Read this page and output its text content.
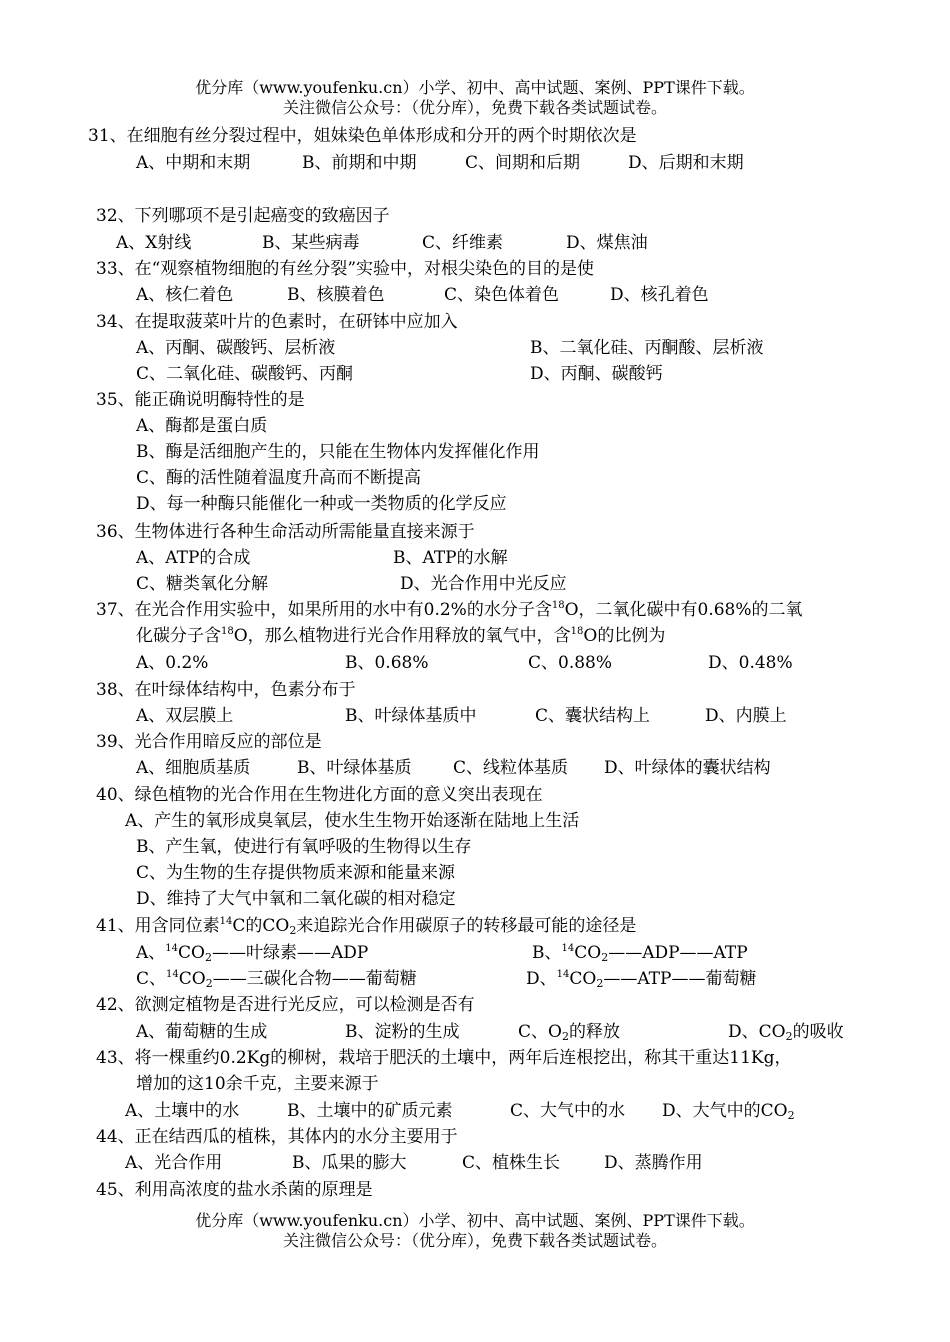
优分库（www.youfenku.cn）小学、初中、高中试题、案例、PPT课件下载。
关注微信公众号：（优分库），免费下载各类试题试卷。
31、在细胞有丝分裂过程中，姐妹染色单体形成和分开的两个时期依次是
A、中期和末期	B、前期和中期	C、间期和后期	D、后期和末期
32、下列哪项不是引起癌变的致癌因子
A、X射线	B、某些病毒	C、纤维素	D、煤焦油
33、在“观察植物细胞的有丝分裂”实验中，对根尖染色的目的是使
A、核仁着色	B、核膜着色	C、染色体着色	D、核孔着色
34、在提取菠菜叶片的色素时，在研钵中应加入
A、丙酮、碳酸钙、层析液	B、二氧化硅、丙酮酸、层析液
C、二氧化硅、碳酸钙、丙酮	D、丙酮、碳酸钙
35、能正确说明酶特性的是
A、酶都是蛋白质
B、酶是活细胞产生的，只能在生物体内发挥催化作用
C、酶的活性随着温度升高而不断提高
D、每一种酶只能催化一种或一类物质的化学反应
36、生物体进行各种生命活动所需能量直接来源于
A、ATP的合成	B、ATP的水解
C、糖类氧化分解	D、光合作用中光反应
37、在光合作用实验中，如果所用的水中有0.2%的水分子含$^{18}$O，二氧化碳中有0.68%的二氧
化碳分子含$^{18}$O，那么植物进行光合作用释放的氧气中，含$^{18}$O的比例为
A、0.2%	B、0.68%	C、0.88%	D、0.48%
38、在叶绿体结构中，色素分布于
A、双层膜上	B、叶绿体基质中	C、囊状结构上	D、内膜上
39、光合作用暗反应的部位是
A、细胞质基质	B、叶绿体基质 C、线粒体基质 D、叶绿体的囊状结构
40、绿色植物的光合作用在生物进化方面的意义突出表现在
A、产生的氧形成臭氧层，使水生生物开始逐渐在陆地上生活
B、产生氧，使进行有氧呼吸的生物得以生存
C、为生物的生存提供物质来源和能量来源
D、维持了大气中氧和二氧化碳的相对稳定
41、用含同位素$^{14}$C的$CO_2$来追踪光合作用碳原子的转移最可能的途径是
A、$^{14}CO_2——$叶绿素——ADP	B、$^{14}CO_2——ADP——ATP$
C、$^{14}CO_2——$三碳化合物——葡萄糖	D、$^{14}CO_2——ATP——$葡萄糖
42、欲测定植物是否进行光反应，可以检测是否有
A、葡萄糖的生成	B、淀粉的生成	C、$O_2$的释放	D、$CO_2$的吸收
43、将一棵重约0.2Kg的柳树，栽培于肥沃的土壤中，两年后连根挖出，称其干重达11Kg，
增加的这10余千克，主要来源于
A、土壤中的水	B、土壤中的矿质元素	C、大气中的水 D、大气中的$CO_2$
44、正在结西瓜的植株，其体内的水分主要用于
A、光合作用	B、瓜果的膨大	C、植株生长	D、蒸腾作用
45、利用高浓度的盐水杀菌的原理是
优分库（www.youfenku.cn）小学、初中、高中试题、案例、PPT课件下载。
关注微信公众号：（优分库），免费下载各类试题试卷。
